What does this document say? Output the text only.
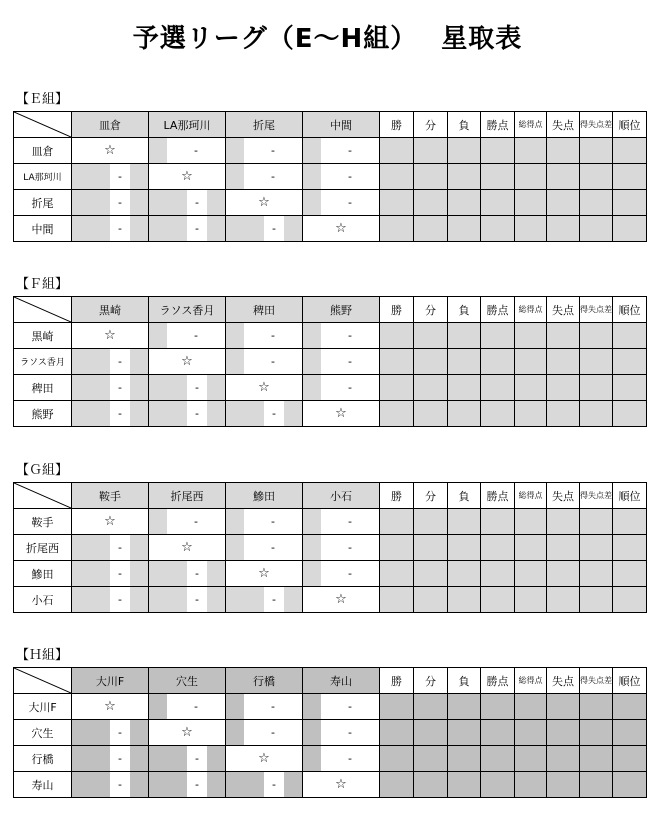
予選リーグ（E〜H組）　 星取表
【Ｅ組】
	皿倉	LA那珂川	折尾	中間	勝	分	負	勝点	総得点	失点	得失点差	順位
皿倉	☆	-	-	-								

LA那珂川	-	☆	-	-								

折尾	-	-	☆	-								

中間	-	-	-	☆								
【Ｆ組】
	黒崎	ラソス香月	稗田	熊野	勝	分	負	勝点	総得点	失点	得失点差	順位
黒崎	☆	-	-	-								

ラソス香月	-	☆	-	-								

稗田	-	-	☆	-								

熊野	-	-	-	☆								
【Ｇ組】
	鞍手	折尾西	鰺田	小石	勝	分	負	勝点	総得点	失点	得失点差	順位
鞍手	☆	-	-	-								

折尾西	-	☆	-	-								

鰺田	-	-	☆	-								

小石	-	-	-	☆								
【Ｈ組】
	大川F	穴生	行橋	寿山	勝	分	負	勝点	総得点	失点	得失点差	順位
大川F	☆	-	-	-								

穴生	-	☆	-	-								

行橋	-	-	☆	-								

寿山	-	-	-	☆								
